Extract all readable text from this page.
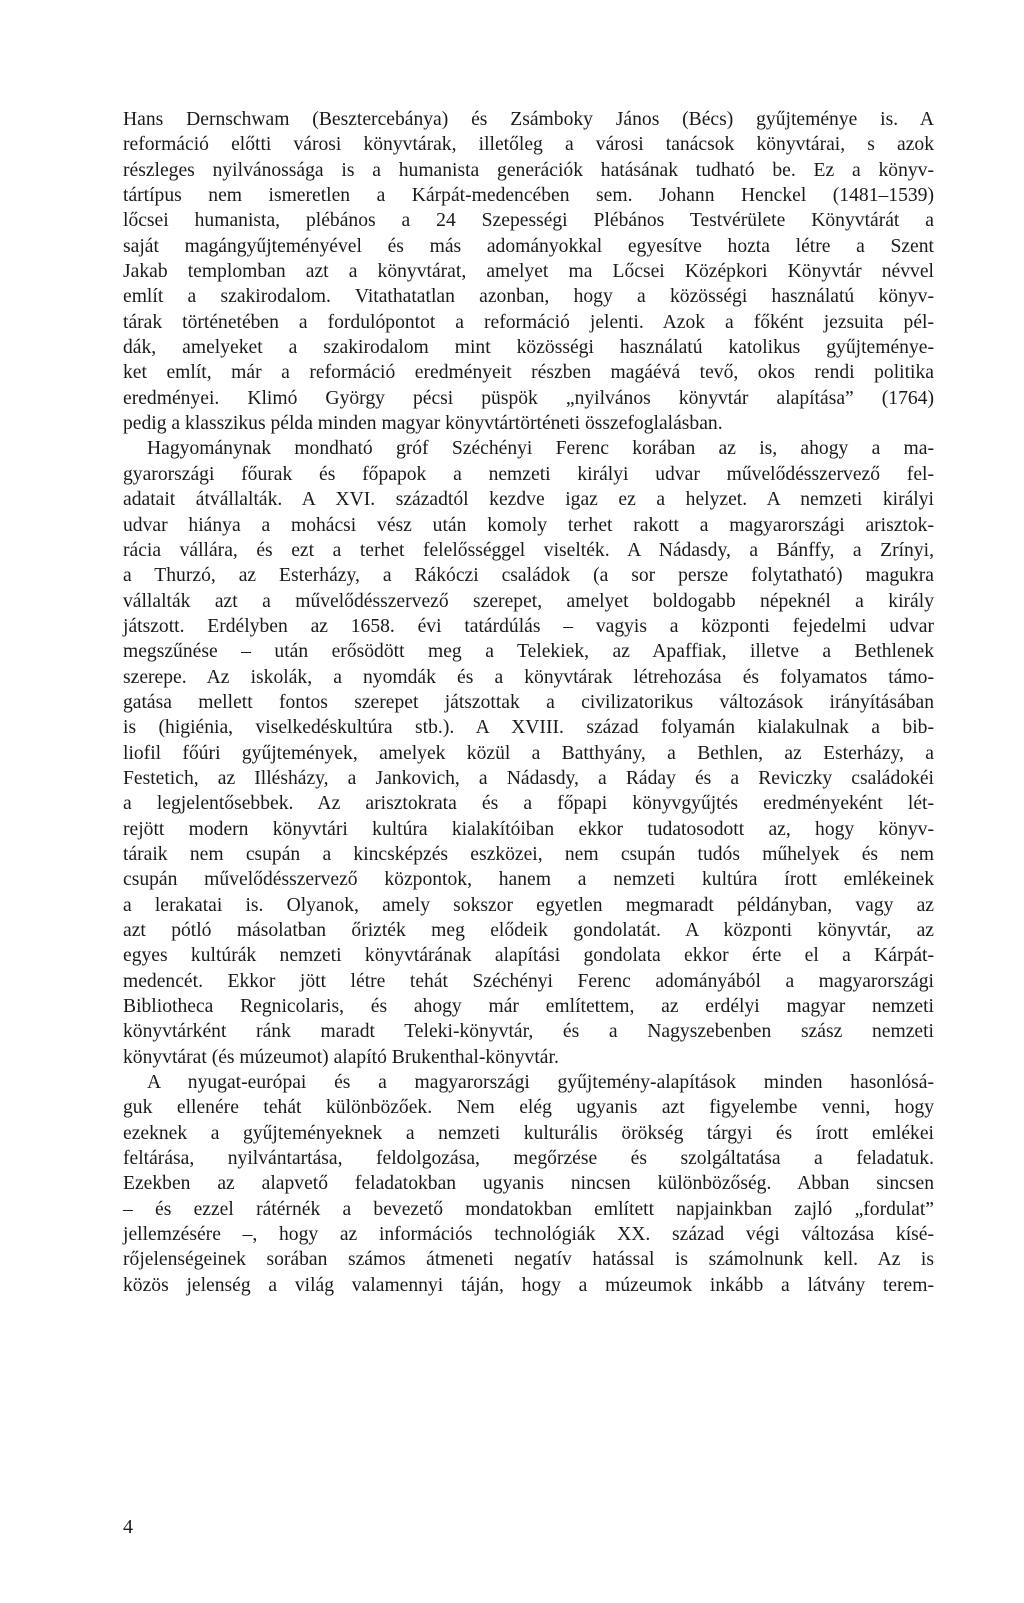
Hans Dernschwam (Besztercebánya) és Zsámboky János (Bécs) gyűjteménye is. A
reformáció előtti városi könyvtárak, illetőleg a városi tanácsok könyvtárai, s azok
részleges nyilvánossága is a humanista generációk hatásának tudható be. Ez a könyv-
tártípus nem ismeretlen a Kárpát-medencében sem. Johann Henckel (1481–1539)
lőcsei humanista, plébános a 24 Szepességi Plébános Testvérülete Könyvtárát a
saját magángyűjteményével és más adományokkal egyesítve hozta létre a Szent
Jakab templomban azt a könyvtárat, amelyet ma Lőcsei Középkori Könyvtár névvel
említ a szakirodalom. Vitathatatlan azonban, hogy a közösségi használatú könyv-
tárak történetében a fordulópontot a reformáció jelenti. Azok a főként jezsuita pél-
dák, amelyeket a szakirodalom mint közösségi használatú katolikus gyűjteménye-
ket említ, már a reformáció eredményeit részben magáévá tevő, okos rendi politika
eredményei. Klimó György pécsi püspök „nyilvános könyvtár alapítása” (1764)
pedig a klasszikus példa minden magyar könyvtártörténeti összefoglalásban.
Hagyománynak mondható gróf Széchényi Ferenc korában az is, ahogy a ma-
gyarországi főurak és főpapok a nemzeti királyi udvar művelődésszervező fel-
adatait átvállalták. A XVI. századtól kezdve igaz ez a helyzet. A nemzeti királyi
udvar hiánya a mohácsi vész után komoly terhet rakott a magyarországi arisztok-
rácia vállára, és ezt a terhet felelősséggel viselték. A Nádasdy, a Bánffy, a Zrínyi,
a Thurzó, az Esterházy, a Rákóczi családok (a sor persze folytatható) magukra
vállalták azt a művelődésszervező szerepet, amelyet boldogabb népeknél a király
játszott. Erdélyben az 1658. évi tatárdúlás – vagyis a központi fejedelmi udvar
megszűnése – után erősödött meg a Telekiek, az Apaffiak, illetve a Bethlenek
szerepe. Az iskolák, a nyomdák és a könyvtárak létrehozása és folyamatos támo-
gatása mellett fontos szerepet játszottak a civilizatorikus változások irányításában
is (higiénia, viselkedéskultúra stb.). A XVIII. század folyamán kialakulnak a bib-
liofil főúri gyűjtemények, amelyek közül a Batthyány, a Bethlen, az Esterházy, a
Festetich, az Illésházy, a Jankovich, a Nádasdy, a Ráday és a Reviczky családokéi
a legjelentősebbek. Az arisztokrata és a főpapi könyvgyűjtés eredményeként lét-
rejött modern könyvtári kultúra kialakítóiban ekkor tudatosodott az, hogy könyv-
táraik nem csupán a kincsképzés eszközei, nem csupán tudós műhelyek és nem
csupán művelődésszervező központok, hanem a nemzeti kultúra írott emlékeinek
a lerakatai is. Olyanok, amely sokszor egyetlen megmaradt példányban, vagy az
azt pótló másolatban őrizték meg elődeik gondolatát. A központi könyvtár, az
egyes kultúrák nemzeti könyvtárának alapítási gondolata ekkor érte el a Kárpát-
medencét. Ekkor jött létre tehát Széchényi Ferenc adományából a magyarországi
Bibliotheca Regnicolaris, és ahogy már említettem, az erdélyi magyar nemzeti
könyvtárként ránk maradt Teleki-könyvtár, és a Nagyszebenben szász nemzeti
könyvtárat (és múzeumot) alapító Brukenthal-könyvtár.
A nyugat-európai és a magyarországi gyűjtemény-alapítások minden hasonlósá-
guk ellenére tehát különbözőek. Nem elég ugyanis azt figyelembe venni, hogy
ezeknek a gyűjteményeknek a nemzeti kulturális örökség tárgyi és írott emlékei
feltárása, nyilvántartása, feldolgozása, megőrzése és szolgáltatása a feladatuk.
Ezekben az alapvető feladatokban ugyanis nincsen különbözőség. Abban sincsen
– és ezzel rátérnék a bevezető mondatokban említett napjainkban zajló „fordulat”
jellemzésére –, hogy az információs technológiák XX. század végi változása kísé-
rőjelenségeinek sorában számos átmeneti negatív hatással is számolnunk kell. Az is
közös jelenség a világ valamennyi táján, hogy a múzeumok inkább a látvány terem-
4
